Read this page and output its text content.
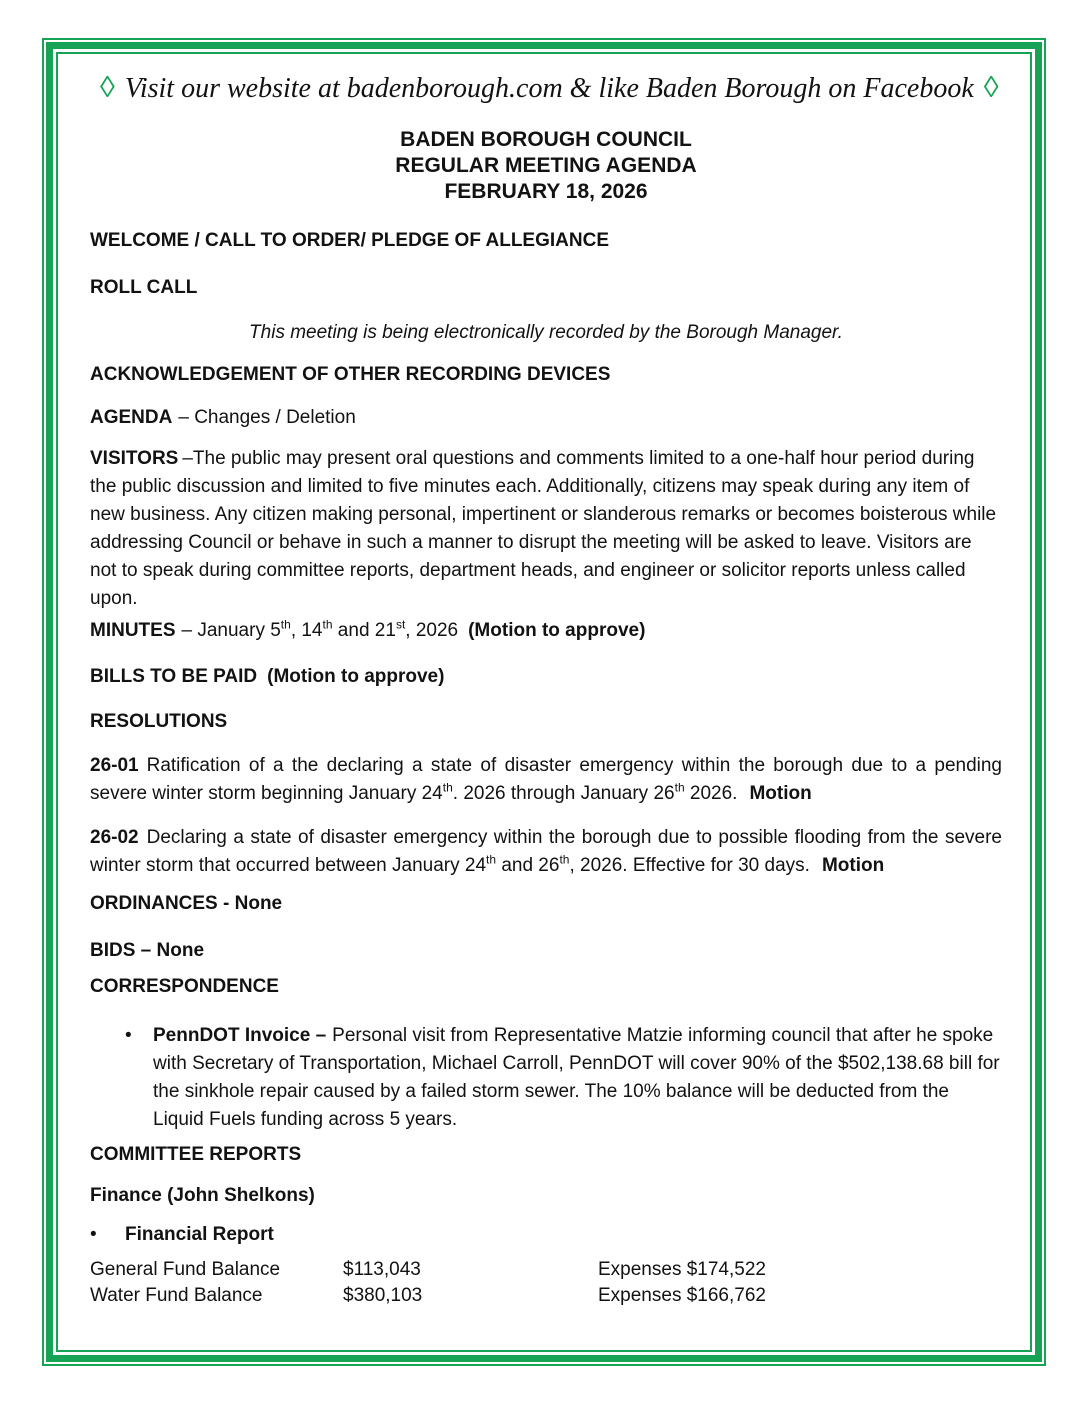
◊ Visit our website at badenborough.com & like Baden Borough on Facebook ◊

BADEN BOROUGH COUNCIL

REGULAR MEETING AGENDA

FEBRUARY 18, 2026

WELCOME / CALL TO ORDER/ PLEDGE OF ALLEGIANCE

ROLL CALL

This meeting is being electronically recorded by the Borough Manager.

ACKNOWLEDGEMENT OF OTHER RECORDING DEVICES

AGENDA – Changes / Deletion

VISITORS –The public may present oral questions and comments limited to a one-half hour period during the public discussion and limited to five minutes each. Additionally, citizens may speak during any item of new business. Any citizen making personal, impertinent or slanderous remarks or becomes boisterous while addressing Council or behave in such a manner to disrupt the meeting will be asked to leave. Visitors are not to speak during committee reports, department heads, and engineer or solicitor reports unless called upon.

MINUTES – January 5th, 14th and 21st, 2026 (Motion to approve)

BILLS TO BE PAID (Motion to approve)

RESOLUTIONS

26-01 Ratification of a the declaring a state of disaster emergency within the borough due to a pending severe winter storm beginning January 24th. 2026 through January 26th 2026. Motion

26-02 Declaring a state of disaster emergency within the borough due to possible flooding from the severe winter storm that occurred between January 24th and 26th, 2026. Effective for 30 days. Motion

ORDINANCES - None

BIDS – None

CORRESPONDENCE

•	PennDOT Invoice – Personal visit from Representative Matzie informing council that after he spoke with Secretary of Transportation, Michael Carroll, PennDOT will cover 90% of the $502,138.68 bill for the sinkhole repair caused by a failed storm sewer. The 10% balance will be deducted from the Liquid Fuels funding across 5 years.

COMMITTEE REPORTS

Finance (John Shelkons)

•	Financial Report

General Fund Balance	$113,043	Expenses $174,522
Water Fund Balance	$380,103	Expenses $166,762
